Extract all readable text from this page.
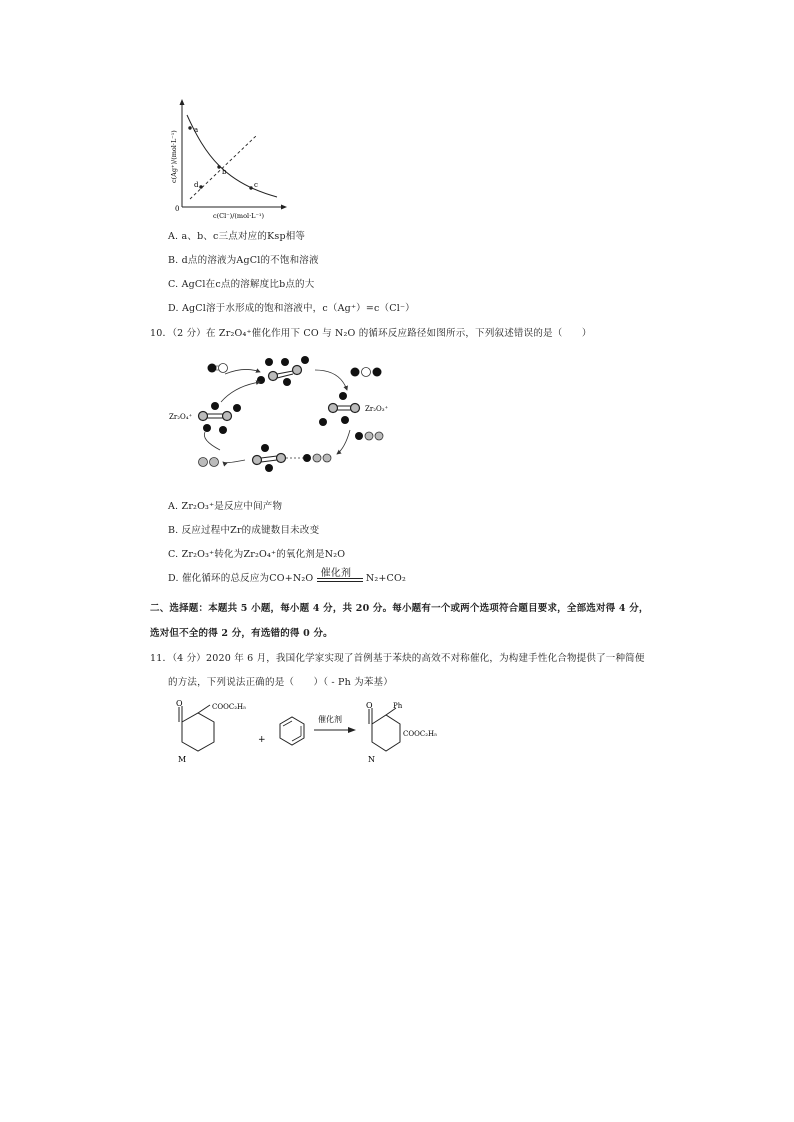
a
b
c
d
0
c(Cl⁻)/(mol·L⁻¹)
c(Ag⁺)/(mol·L⁻¹)
A. a、b、c三点对应的Ksp相等
B. d点的溶液为AgCl的不饱和溶液
C. AgCl在c点的溶解度比b点的大
D. AgCl溶于水形成的饱和溶液中，c（Ag⁺）=c（Cl⁻）
10．（2 分）在 Zr₂O₄⁺催化作用下 CO 与 N₂O 的循环反应路径如图所示，下列叙述错误的是（　　）
Zr₂O₃⁺
Zr₂O₄⁺
A. Zr₂O₃⁺是反应中间产物
B. 反应过程中Zr的成键数目未改变
C. Zr₂O₃⁺转化为Zr₂O₄⁺的氧化剂是N₂O
D. 催化循环的总反应为CO+N₂O 催化剂 N₂+CO₂
二、选择题：本题共 5 小题，每小题 4 分，共 20 分。每小题有一个或两个选项符合题目要求，全部选对得 4 分，
选对但不全的得 2 分，有选错的得 0 分。
11．（4 分）2020 年 6 月，我国化学家实现了首例基于苯炔的高效不对称催化，为构建手性化合物提供了一种简便
的方法，下列说法正确的是（　　）（ - Ph 为苯基）
O	COOC₂H₅
M
+
催化剂
O	Ph
COOC₂H₅
N
